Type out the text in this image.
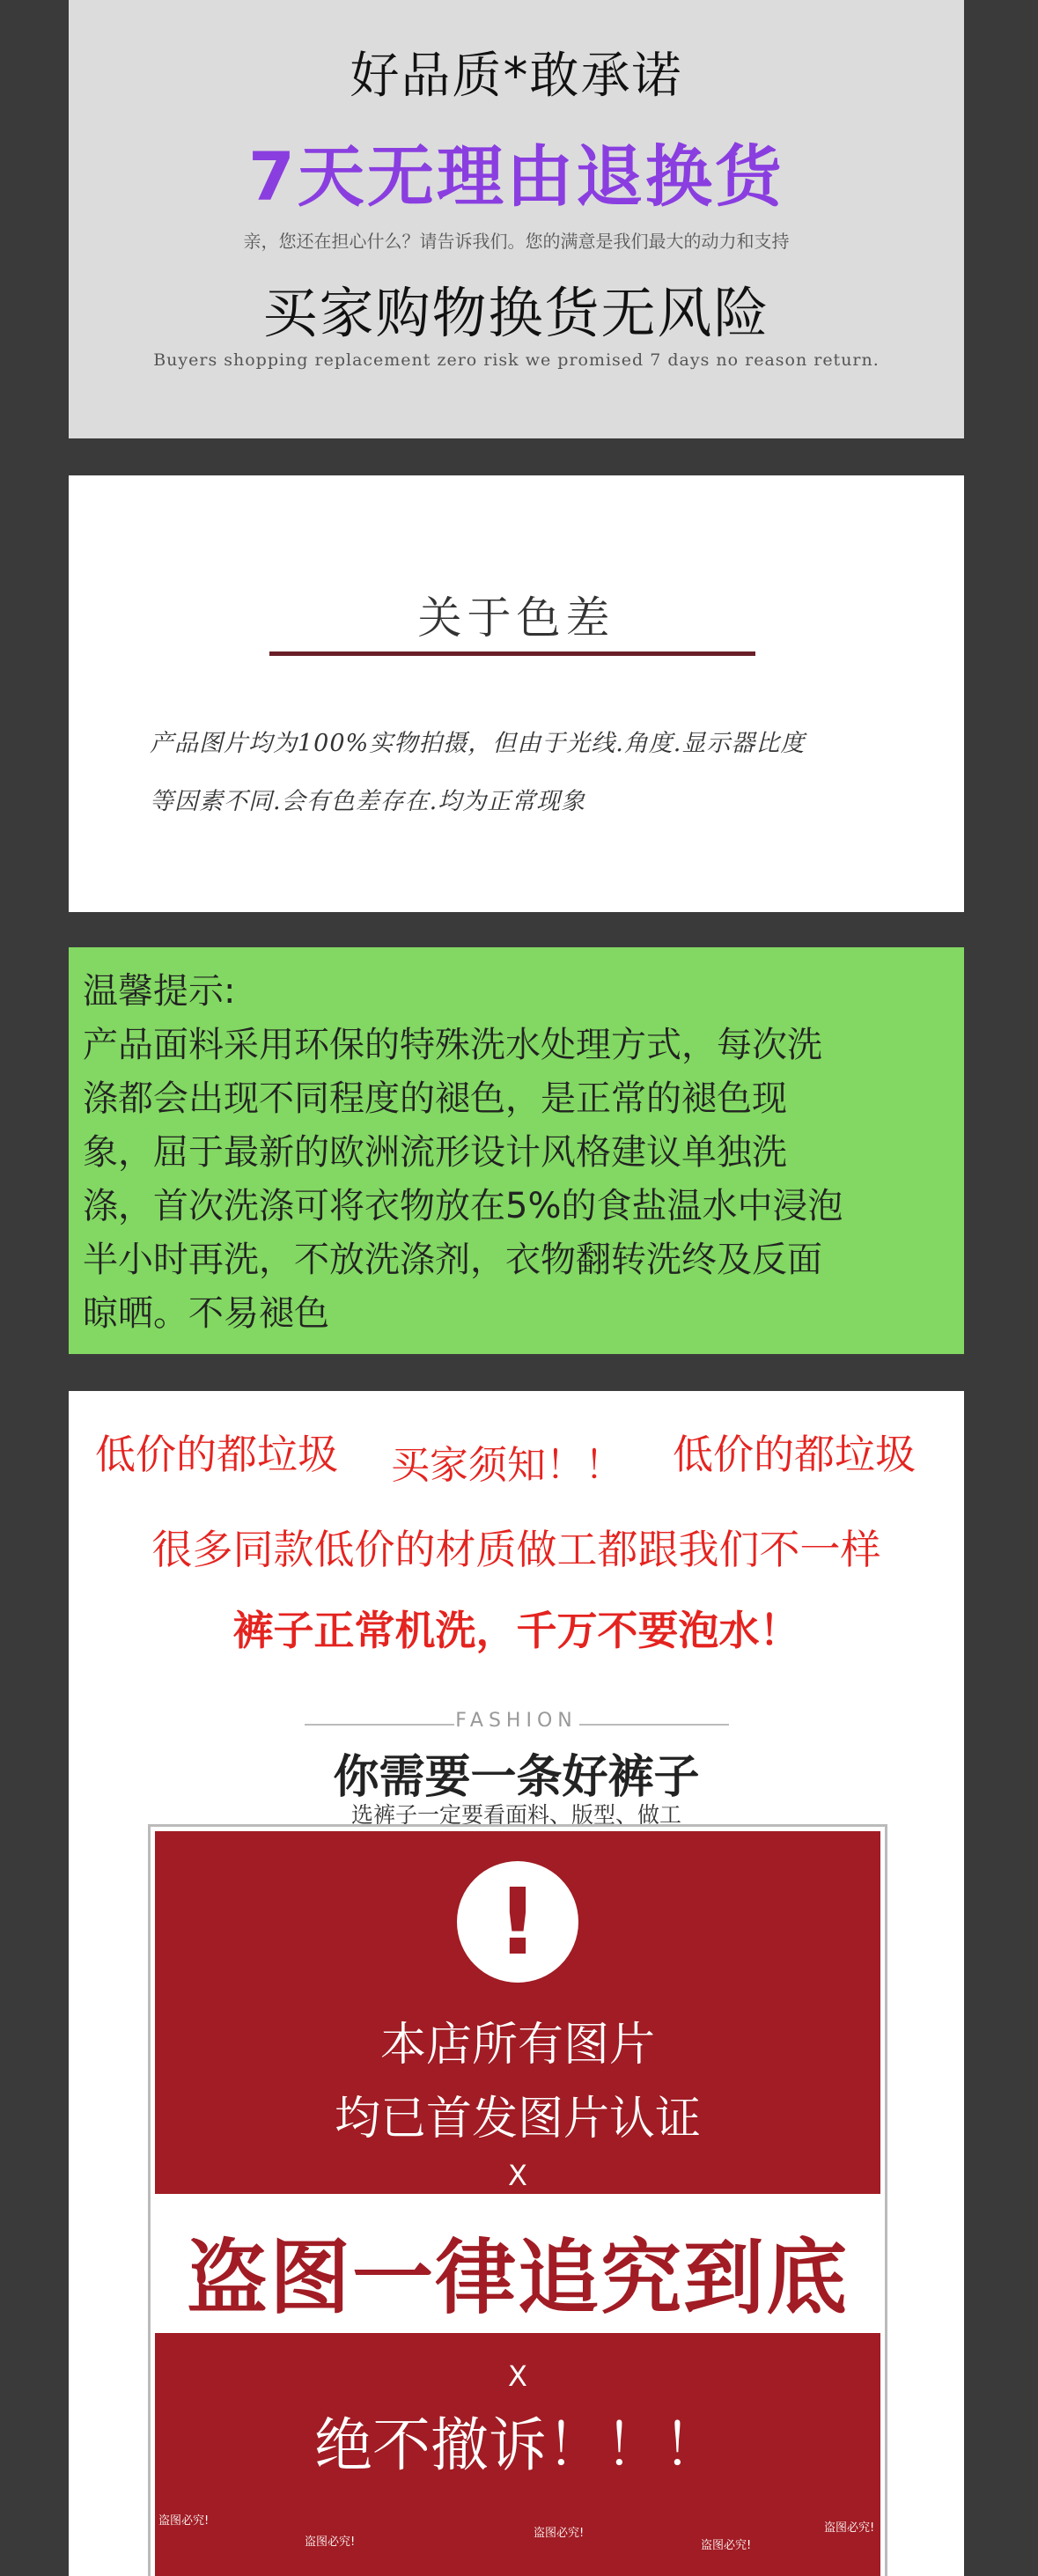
好品质*敢承诺
7天无理由退换货
亲，您还在担心什么？请告诉我们。您的满意是我们最大的动力和支持
买家购物换货无风险
Buyers shopping replacement zero risk we promised 7 days no reason return.
关于色差
产品图片均为100%实物拍摄，但由于光线.角度.显示器比度
等因素不同.会有色差存在.均为正常现象
温馨提示:
产品面料采用环保的特殊洗水处理方式，每次洗
涤都会出现不同程度的褪色，是正常的褪色现
象，屈于最新的欧洲流形设计风格建议单独洗
涤，首次洗涤可将衣物放在5%的食盐温水中浸泡
半小时再洗，不放洗涤剂，衣物翻转洗终及反面
晾晒。不易褪色
低价的都垃圾 买家须知！！ 低价的都垃圾
很多同款低价的材质做工都跟我们不一样
裤子正常机洗，千万不要泡水！
FASHION
你需要一条好裤子
选裤子一定要看面料、版型、做工
!
本店所有图片
均已首发图片认证
X
盗图一律追究到底
X
绝不撤诉！！！
盗图必究!
盗图必究!
盗图必究!
盗图必究!
盗图必究!
